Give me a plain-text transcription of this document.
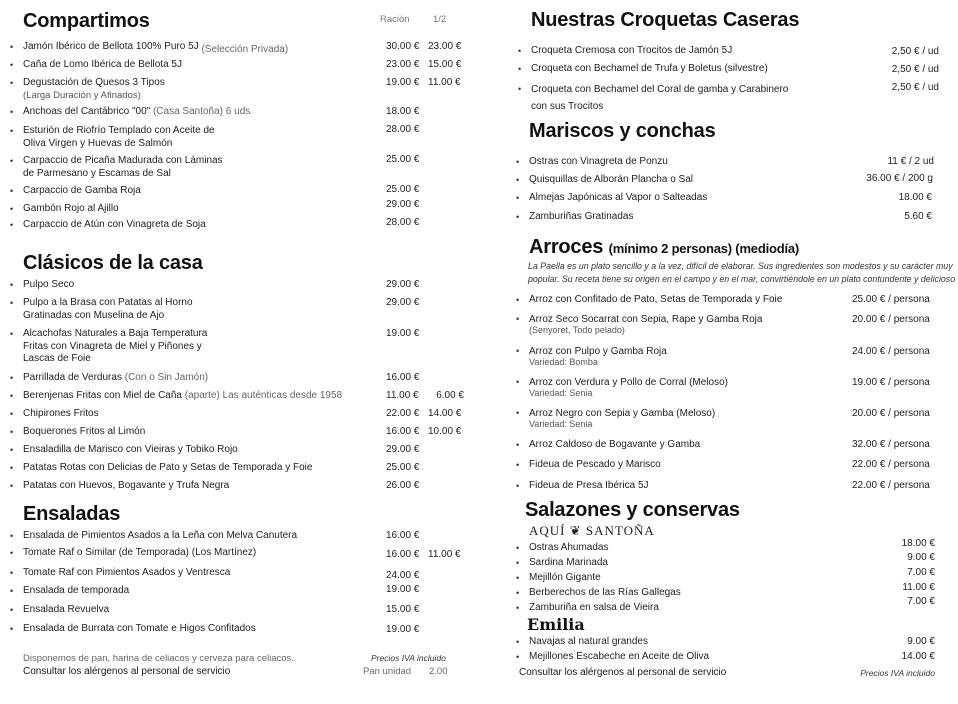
Compartimos	Ración 1/2
• Jamón Ibérico de Bellota 100% Puro 5J (Selección Privada)	30.00 € 23.00 €
• Caña de Lomo Ibérica de Bellota 5J	23.00 € 15.00 €
• Degustación de Quesos 3 Tipos
(Larga Duración y Afinados)
19.00 € 11.00 €
• Anchoas del Cantábrico "00" (Casa Santoña) 6 uds	18.00 €
• Esturión de Riofrío Templado con Aceite de
Oliva Virgen y Huevas de Salmón
28.00 €
• Carpaccio de Picaña Madurada con Láminas
de Parmesano y Escamas de Sal
25.00 €
• Carpaccio de Gamba Roja	25.00 €
• Gambón Rojo al Ajillo	29.00 €
• Carpaccio de Atún con Vinagreta de Soja	28.00 €
Clásicos de la casa
• Pulpo Seco	29.00 €
• Pulpo a la Brasa con Patatas al Horno
Gratinadas con Muselina de Ajo
29.00 €
• Alcachofas Naturales a Baja Temperatura
Fritas con Vinagreta de Miel y Piñones y
Lascas de Foie
19.00 €
• Parrillada de Verduras (Con o Sin Jamón)	16.00 €
• Berenjenas Fritas con Miel de Caña (aparte) Las auténticas desde 1958	11.00 €	6.00 €
• Chipirones Fritos	22.00 € 14.00 €
• Boquerones Fritos al Limón	16.00 € 10.00 €
• Ensaladilla de Marisco con Vieiras y Tobiko Rojo	29.00 €
• Patatas Rotas con Delicias de Pato y Setas de Temporada y Foie	25.00 €
• Patatas con Huevos, Bogavante y Trufa Negra	26.00 €
Ensaladas
• Ensalada de Pimientos Asados a la Leña con Melva Canutera	16.00 €
• Tomate Raf o Similar (de Temporada) (Los Martínez)	16.00 € 11.00 €
• Tomate Raf con Pimientos Asados y Ventresca	24.00 €
• Ensalada de temporada	19.00 €
• Ensalada Revuelva	15.00 €
• Ensalada de Burrata con Tomate e Higos Confitados	19.00 €
Disponemos de pan, harina de celiacos y cerveza para celiacos.
Consultar los alérgenos al personal de servicio
Precios IVA incluido
Pan unidad 2.00
Nuestras Croquetas Caseras
• Croqueta Cremosa con Trocitos de Jamón 5J	2,50 € / ud
• Croqueta con Bechamel de Trufa y Boletus (silvestre)	2,50 € / ud
• Croqueta con Bechamel del Coral de gamba y Carabinero
con sus Trocitos
2,50 € / ud
Mariscos y conchas
• Ostras con Vinagreta de Ponzu	11 € / 2 ud
• Quisquillas de Alborán Plancha o Sal	36.00 € / 200 g
• Almejas Japónicas al Vapor o Salteadas	18.00 €
• Zamburiñas Gratinadas	5.60 €
Arroces (mínimo 2 personas) (mediodía)
La Paella es un plato sencillo y a la vez, difícil de elaborar. Sus ingredientes son modestos y su carácter muy
popular. Su receta tiene su origen en el campo y en el mar, convirtiéndole en un plato contundente y delicioso
• Arroz con Confitado de Pato, Setas de Temporada y Foie	25.00 € / persona
• Arroz Seco Socarrat con Sepia, Rape y Gamba Roja
(Senyoret, Todo pelado)
20.00 € / persona
• Arroz con Pulpo y Gamba Roja
Variedad: Bomba
24.00 € / persona
• Arroz con Verdura y Pollo de Corral (Meloso)
Variedad: Senia
19.00 € / persona
• Arroz Negro con Sepia y Gamba (Meloso)
Variedad: Senia
20.00 € / persona
• Arroz Caldoso de Bogavante y Gamba	32.00 € / persona
• Fideua de Pescado y Marisco	22.00 € / persona
• Fideua de Presa Ibérica 5J	22.00 € / persona
Salazones y conservas
AQUÍ ❦ SANTOÑA
• Ostras Ahumadas	18.00 €
• Sardina Marinada	9.00 €
• Mejillón Gigante	7.00 €
• Berberechos de las Rías Gallegas	11.00 €
• Zamburiña en salsa de Vieira
7.00 €
Emilia
• Navajas al natural grandes	9.00 €
• Mejillones Escabeche en Aceite de Oliva	14.00 €
Consultar los alérgenos al personal de servicio	Precios IVA incluido
